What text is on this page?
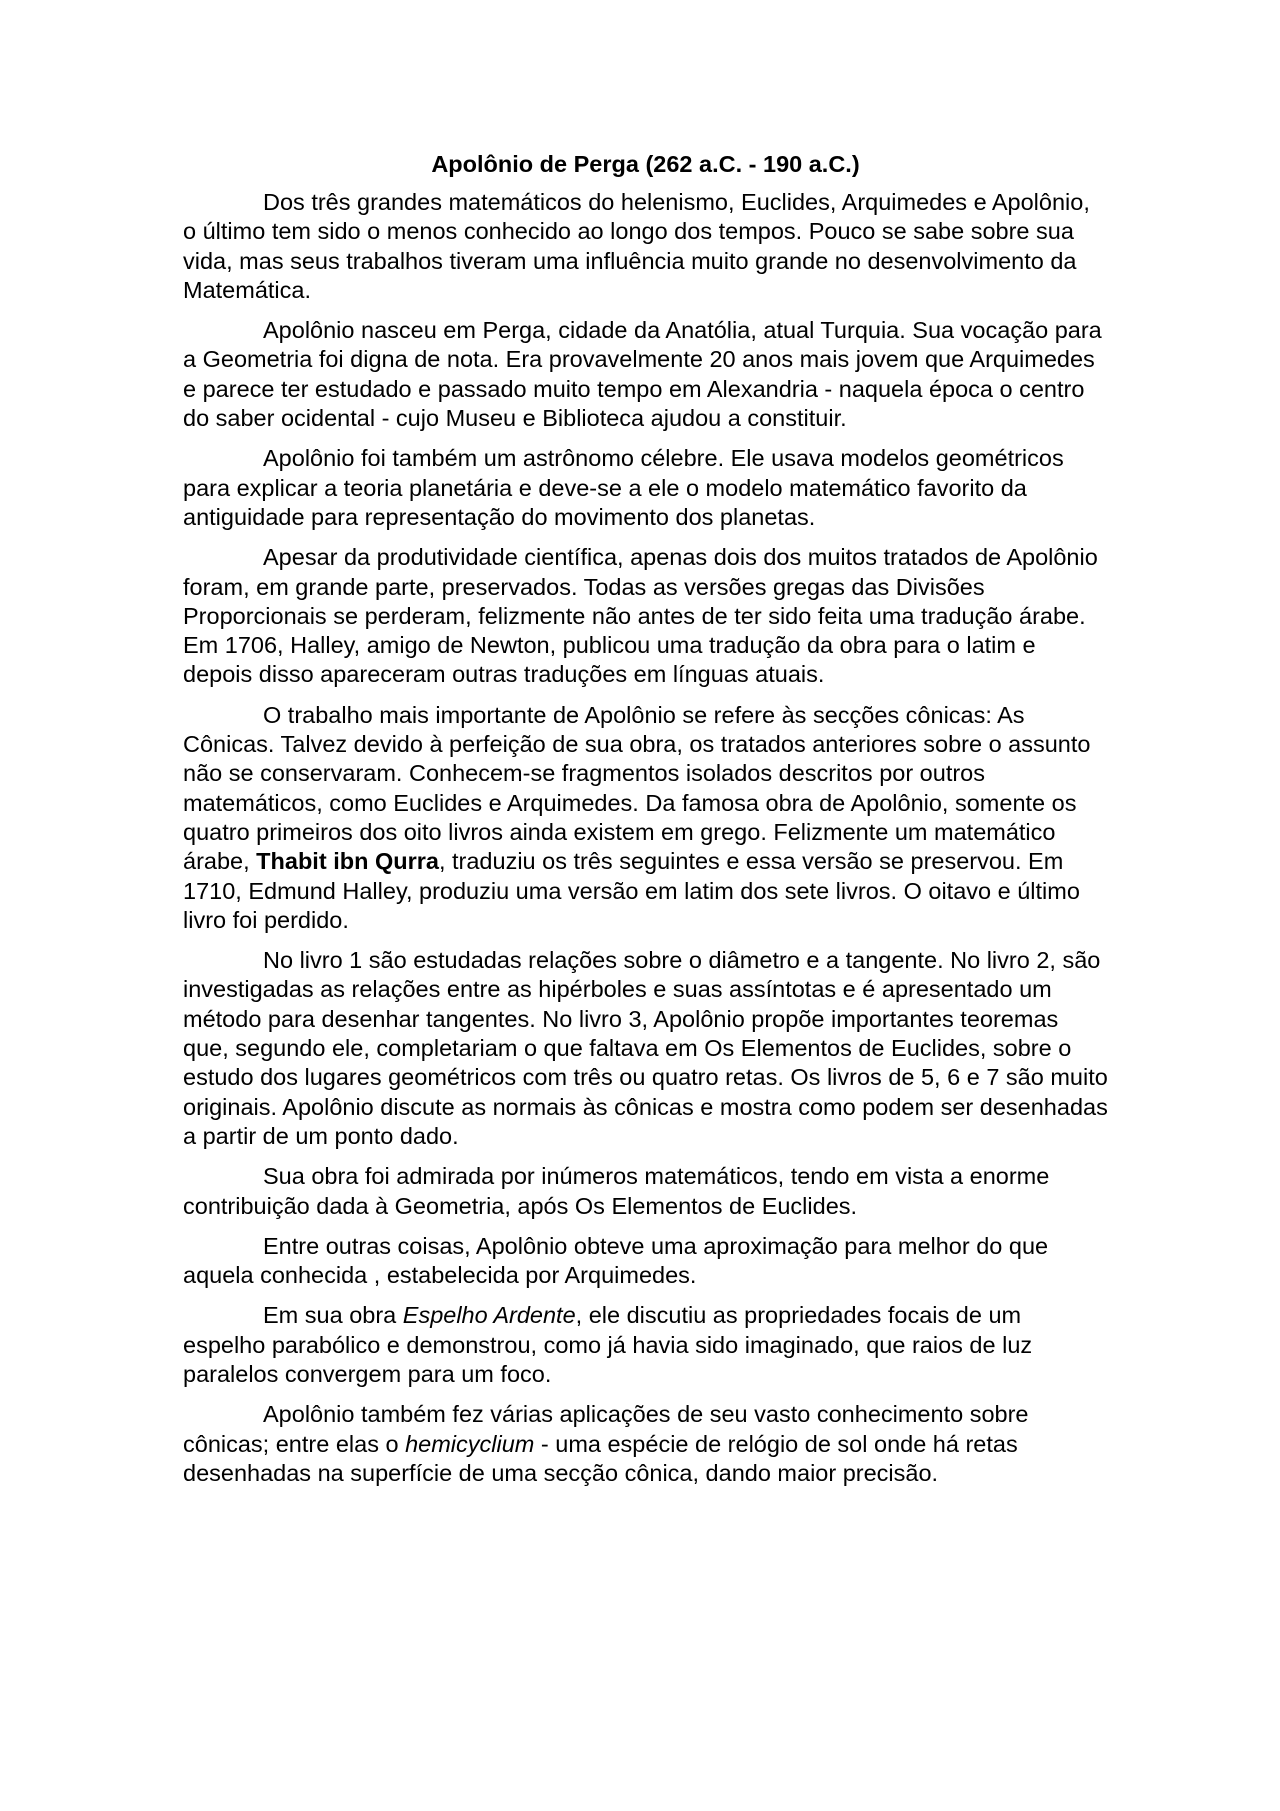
Apolônio de Perga (262 a.C. - 190 a.C.)

Dos três grandes matemáticos do helenismo, Euclides, Arquimedes e Apolônio, o último tem sido o menos conhecido ao longo dos tempos. Pouco se sabe sobre sua vida, mas seus trabalhos tiveram uma influência muito grande no desenvolvimento da Matemática.

Apolônio nasceu em Perga, cidade da Anatólia, atual Turquia. Sua vocação para a Geometria foi digna de nota. Era provavelmente 20 anos mais jovem que Arquimedes e parece ter estudado e passado muito tempo em Alexandria - naquela época o centro do saber ocidental - cujo Museu e Biblioteca ajudou a constituir.

Apolônio foi também um astrônomo célebre. Ele usava modelos geométricos para explicar a teoria planetária e deve-se a ele o modelo matemático favorito da antiguidade para representação do movimento dos planetas.

Apesar da produtividade científica, apenas dois dos muitos tratados de Apolônio foram, em grande parte, preservados. Todas as versões gregas das Divisões Proporcionais se perderam, felizmente não antes de ter sido feita uma tradução árabe. Em 1706, Halley, amigo de Newton, publicou uma tradução da obra para o latim e depois disso apareceram outras traduções em línguas atuais.

O trabalho mais importante de Apolônio se refere às secções cônicas: As Cônicas. Talvez devido à perfeição de sua obra, os tratados anteriores sobre o assunto não se conservaram. Conhecem-se fragmentos isolados descritos por outros matemáticos, como Euclides e Arquimedes. Da famosa obra de Apolônio, somente os quatro primeiros dos oito livros ainda existem em grego. Felizmente um matemático árabe, Thabit ibn Qurra, traduziu os três seguintes e essa versão se preservou. Em 1710, Edmund Halley, produziu uma versão em latim dos sete livros. O oitavo e último livro foi perdido.

No livro 1 são estudadas relações sobre o diâmetro e a tangente. No livro 2, são investigadas as relações entre as hipérboles e suas assíntotas e é apresentado um método para desenhar tangentes. No livro 3, Apolônio propõe importantes teoremas que, segundo ele, completariam o que faltava em Os Elementos de Euclides, sobre o estudo dos lugares geométricos com três ou quatro retas. Os livros de 5, 6 e 7 são muito originais. Apolônio discute as normais às cônicas e mostra como podem ser desenhadas a partir de um ponto dado.

Sua obra foi admirada por inúmeros matemáticos, tendo em vista a enorme contribuição dada à Geometria, após Os Elementos de Euclides.

Entre outras coisas, Apolônio obteve uma aproximação para melhor do que aquela conhecida , estabelecida por Arquimedes.

Em sua obra Espelho Ardente, ele discutiu as propriedades focais de um espelho parabólico e demonstrou, como já havia sido imaginado, que raios de luz paralelos convergem para um foco.

Apolônio também fez várias aplicações de seu vasto conhecimento sobre cônicas; entre elas o hemicyclium - uma espécie de relógio de sol onde há retas desenhadas na superfície de uma secção cônica, dando maior precisão.
